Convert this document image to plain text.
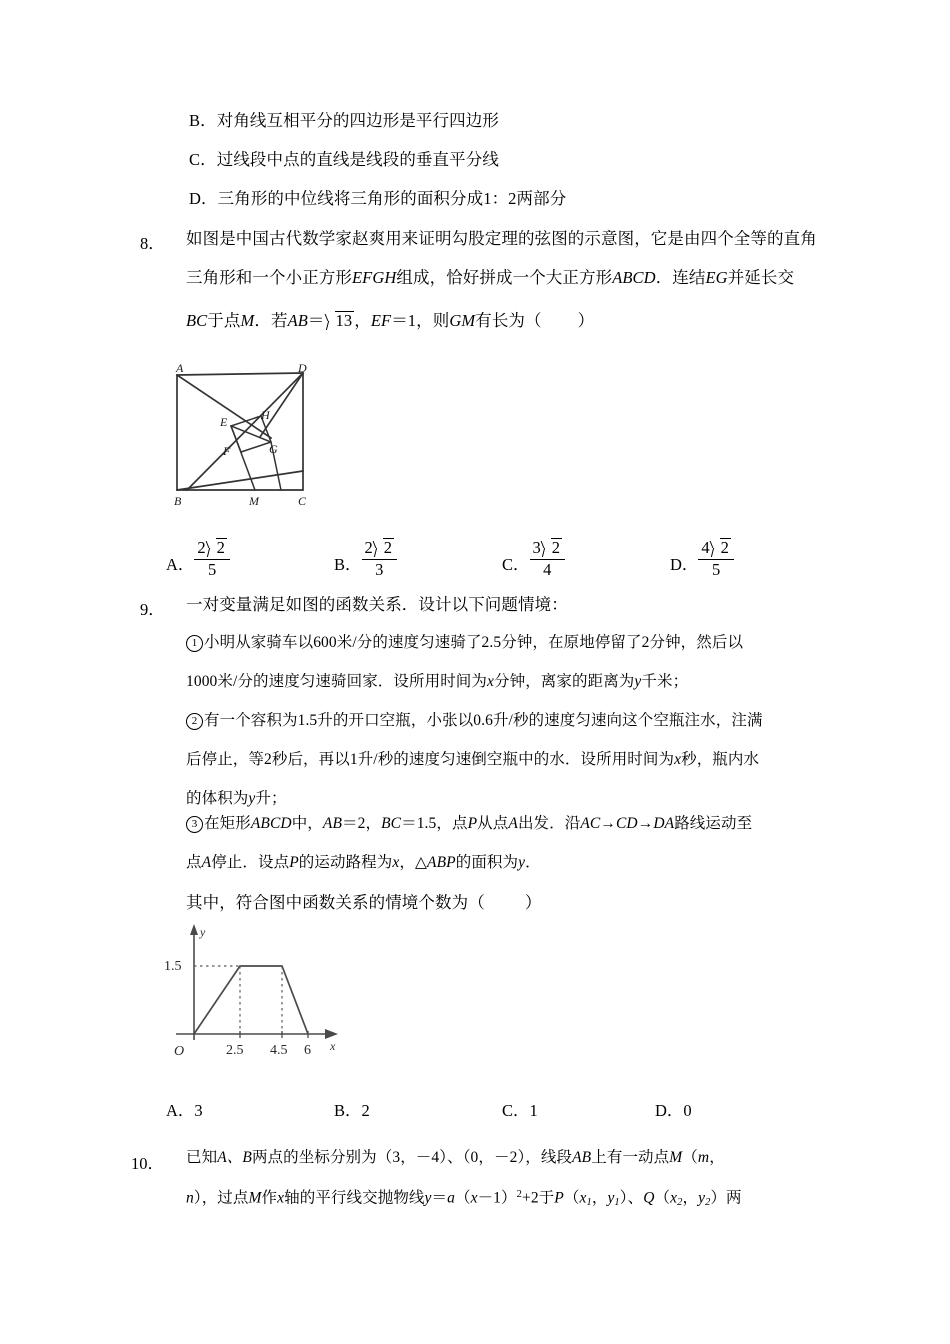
B．对角线互相平分的四边形是平行四边形
C．过线段中点的直线是线段的垂直平分线
D．三角形的中位线将三角形的面积分成1：2两部分
8． 如图是中国古代数学家赵爽用来证明勾股定理的弦图的示意图，它是由四个全等的直角
三角形和一个小正方形EFGH组成，恰好拼成一个大正方形ABCD．连结EG并延长交
BC于点M．若AB＝ 13 ，EF＝1，则GM有长为（ ）
A	D
B	C
E	H
F	G
M
A． $\frac{2 2}{5}$	B． $\frac{2 2}{3}$	C． $\frac{3 2}{4}$	D． $\frac{4 2}{5}$
9． 一对变量满足如图的函数关系．设计以下问题情境：
1 小明从家骑车以600米/分的速度匀速骑了2.5分钟，在原地停留了2分钟，然后以
1000米/分的速度匀速骑回家．设所用时间为x分钟，离家的距离为y千米；
2 有一个容积为1.5升的开口空瓶，小张以0.6升/秒的速度匀速向这个空瓶注水，注满
后停止，等2秒后，再以1升/秒的速度匀速倒空瓶中的水．设所用时间为x秒，瓶内水
的体积为y升；
3 在矩形ABCD中，AB＝2，BC＝1.5，点P从点A出发．沿AC→CD→DA路线运动至
点A停止．设点P的运动路程为x，△ABP的面积为y．
其中，符合图中函数关系的情境个数为（ ）
1.5
O	2.5 4.5 6 x
y
A．3	B．2	C．1	D．0
10． 已知A、B两点的坐标分别为（3，－4）、（0，－2），线段AB上有一动点M（m，
n），过点M作x轴的平行线交抛物线$y=a(x-1)^2+2$于$P(x_1$，$y_1$）、$Q(x_2$，$y_2$）两
